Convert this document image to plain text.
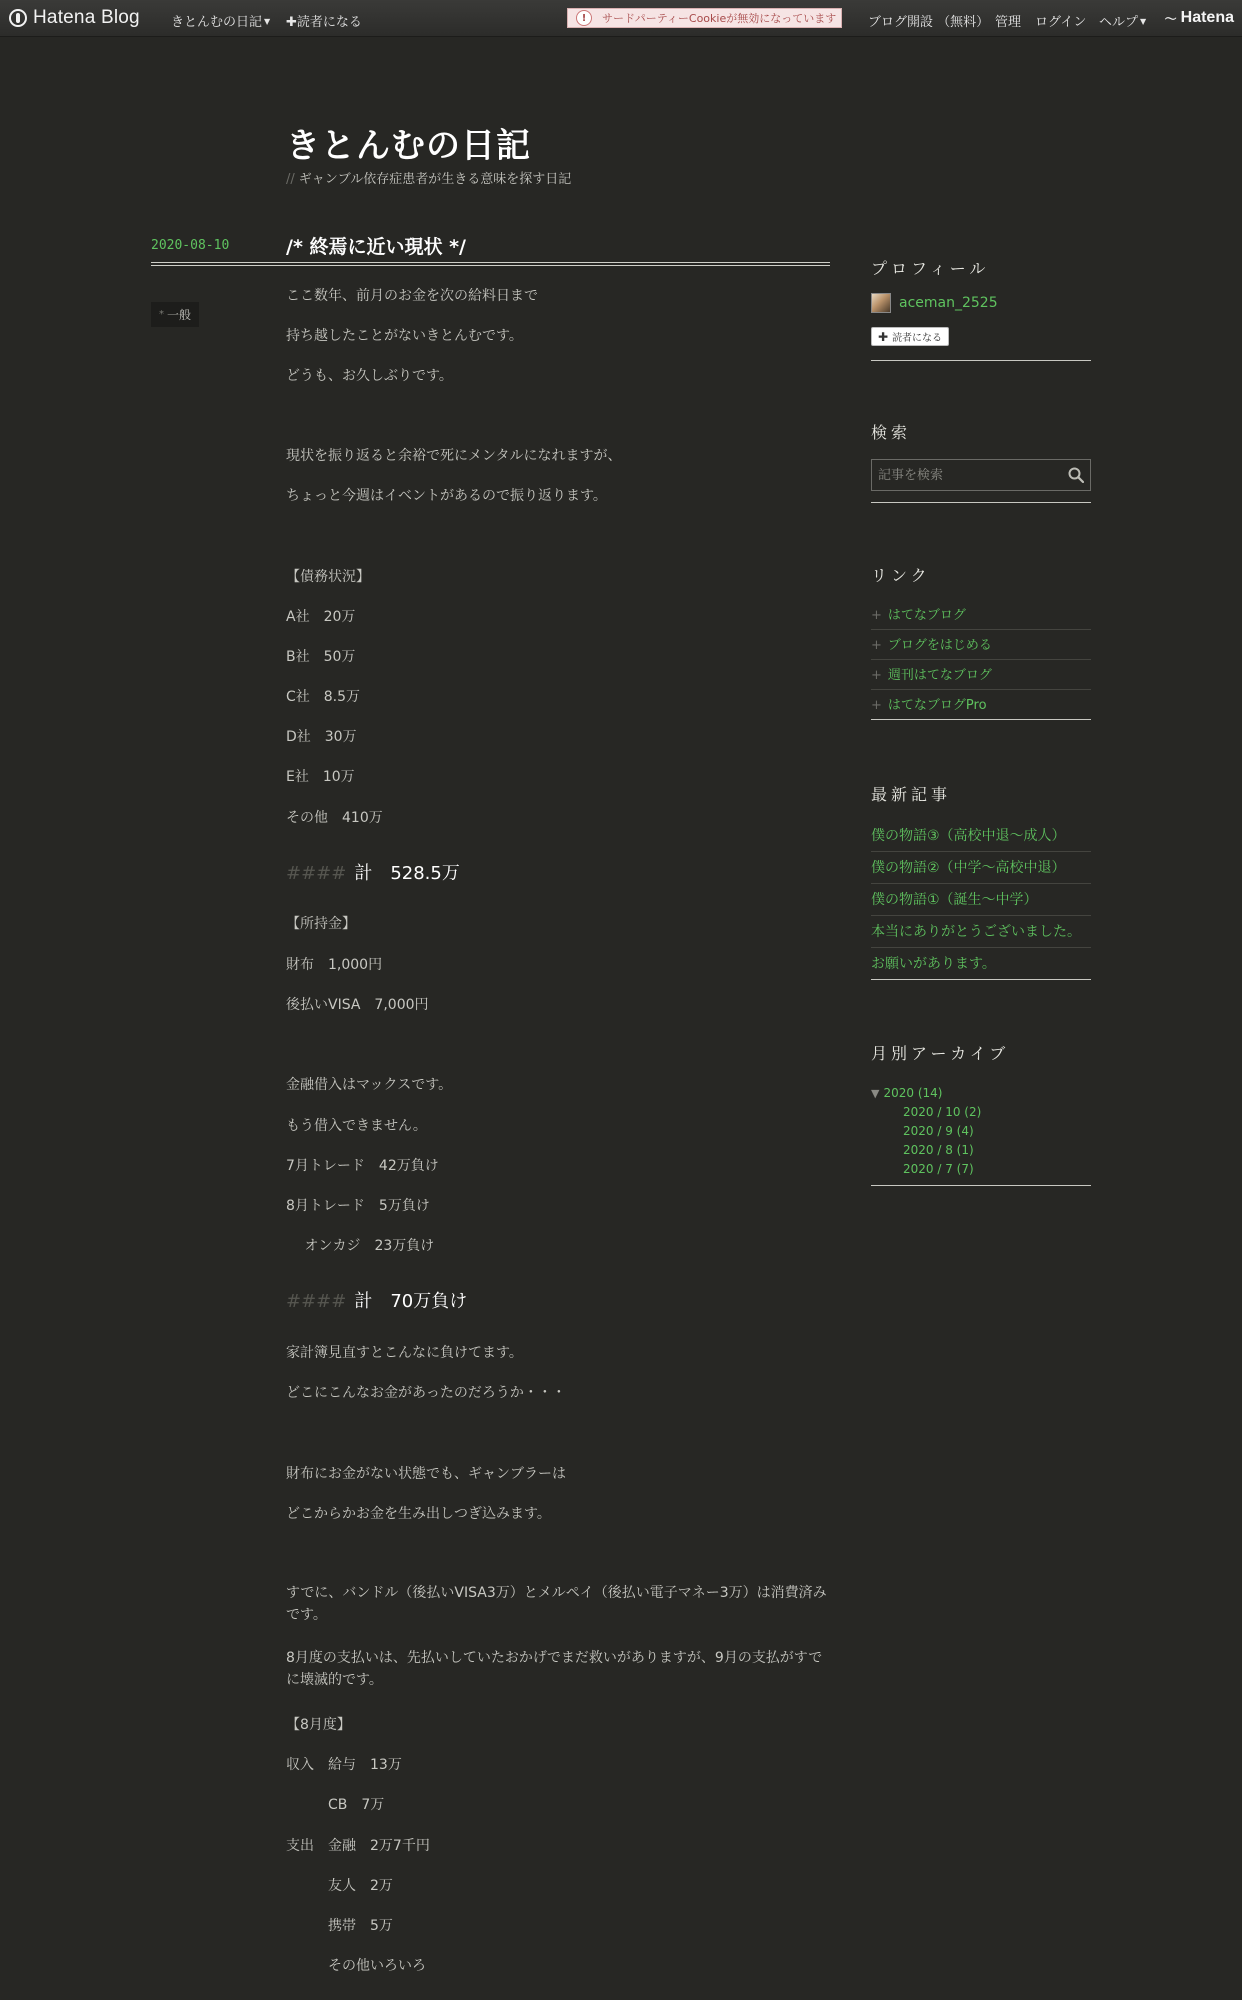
Hatena Blog きとんむの日記 ▼ ✚読者になる	!	サードパーティーCookieが無効になっています ブログ開設 （無料） 管理 ログイン ヘルプ ▼ 〜 Hatena
きとんむの日記
// ギャンブル依存症患者が生きる意味を探す日記
2020-08-10	/* 終焉に近い現状 */
* 一般
ここ数年、前月のお金を次の給料日まで
持ち越したことがないきとんむです。
どうも、お久しぶりです。
現状を振り返ると余裕で死にメンタルになれますが、
ちょっと今週はイベントがあるので振り返ります。
【債務状況】
A社　20万
B社　50万
C社　8.5万
D社　30万
E社　10万
その他　410万
#### 計　528.5万
【所持金】
財布　1,000円
後払いVISA　7,000円
金融借入はマックスです。
もう借入できません。
7月トレード　42万負け
8月トレード　5万負け
　 オンカジ　23万負け
#### 計　70万負け
家計簿見直すとこんなに負けてます。
どこにこんなお金があったのだろうか・・・
財布にお金がない状態でも、ギャンブラーは
どこからかお金を生み出しつぎ込みます。
すでに、バンドル（後払いVISA3万）とメルペイ（後払い電子マネー3万）は消費済みです。
8月度の支払いは、先払いしていたおかげでまだ救いがありますが、9月の支払がすでに壊滅的です。
【8月度】
収入　給与　13万
　　　CB　7万
支出　金融　2万7千円
　　　友人　2万
　　　携帯　5万
　　　その他いろいろ
プロフィール
aceman_2525
✚ 読者になる
検索
記事を検索
リンク
+ はてなブログ
+ ブログをはじめる
+ 週刊はてなブログ
+ はてなブログPro
最新記事
僕の物語③（高校中退～成人）
僕の物語②（中学～高校中退）
僕の物語①（誕生～中学）
本当にありがとうございました。
お願いがあります。
月別アーカイブ
▼ 2020 (14)
2020 / 10 (2)
2020 / 9 (4)
2020 / 8 (1)
2020 / 7 (7)
